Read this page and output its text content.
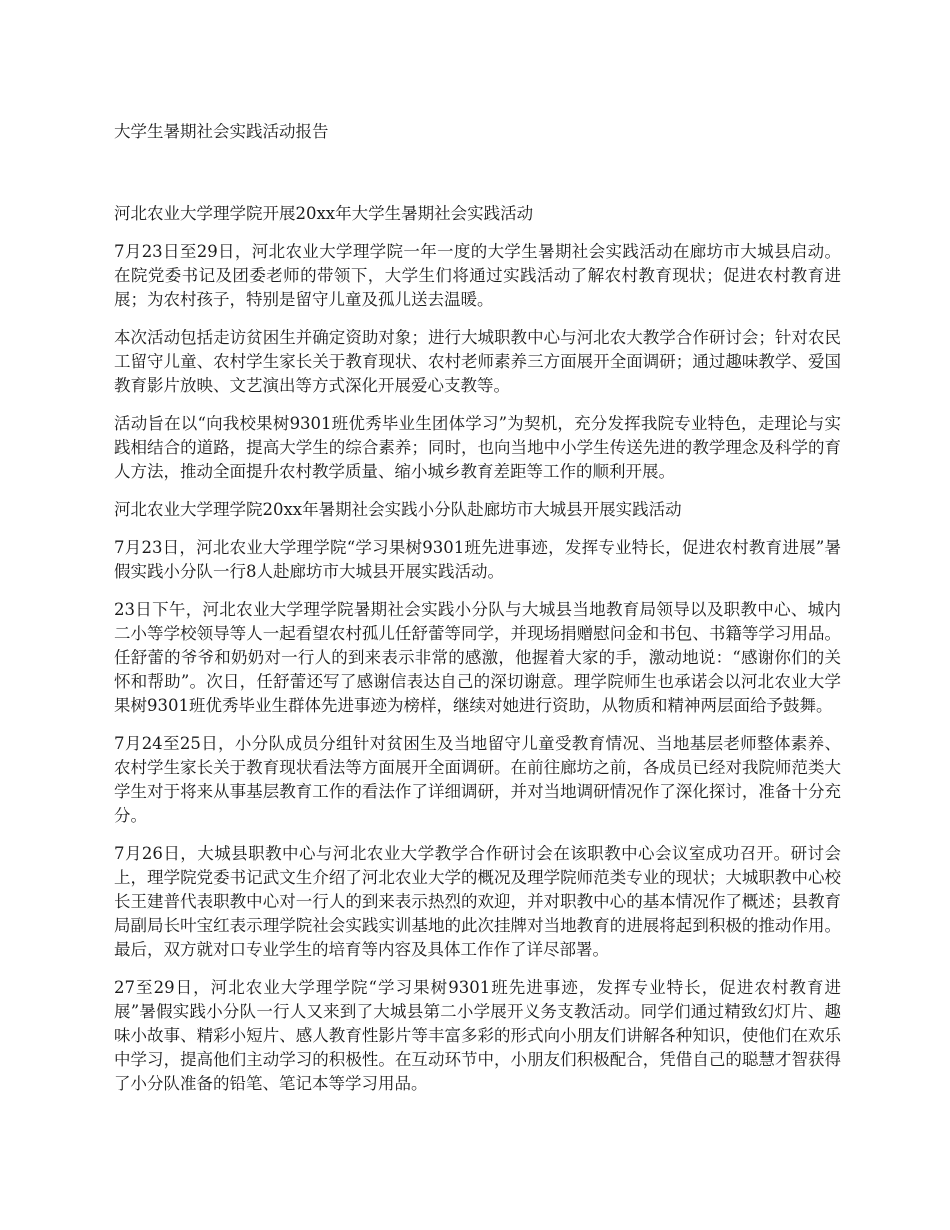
大学生暑期社会实践活动报告

河北农业大学理学院开展20xx年大学生暑期社会实践活动

7月23日至29日，河北农业大学理学院一年一度的大学生暑期社会实践活动在廊坊市大城县启动。在院党委书记及团委老师的带领下，大学生们将通过实践活动了解农村教育现状；促进农村教育进展；为农村孩子，特别是留守儿童及孤儿送去温暖。

本次活动包括走访贫困生并确定资助对象；进行大城职教中心与河北农大教学合作研讨会；针对农民工留守儿童、农村学生家长关于教育现状、农村老师素养三方面展开全面调研；通过趣味教学、爱国教育影片放映、文艺演出等方式深化开展爱心支教等。

活动旨在以“向我校果树9301班优秀毕业生团体学习”为契机，充分发挥我院专业特色，走理论与实践相结合的道路，提高大学生的综合素养；同时，也向当地中小学生传送先进的教学理念及科学的育人方法，推动全面提升农村教学质量、缩小城乡教育差距等工作的顺利开展。

河北农业大学理学院20xx年暑期社会实践小分队赴廊坊市大城县开展实践活动

7月23日，河北农业大学理学院“学习果树9301班先进事迹，发挥专业特长，促进农村教育进展”暑假实践小分队一行8人赴廊坊市大城县开展实践活动。

23日下午，河北农业大学理学院暑期社会实践小分队与大城县当地教育局领导以及职教中心、城内二小等学校领导等人一起看望农村孤儿任舒蕾等同学，并现场捐赠慰问金和书包、书籍等学习用品。任舒蕾的爷爷和奶奶对一行人的到来表示非常的感激，他握着大家的手，激动地说：“感谢你们的关怀和帮助”。次日，任舒蕾还写了感谢信表达自己的深切谢意。理学院师生也承诺会以河北农业大学果树9301班优秀毕业生群体先进事迹为榜样，继续对她进行资助，从物质和精神两层面给予鼓舞。

7月24至25日，小分队成员分组针对贫困生及当地留守儿童受教育情况、当地基层老师整体素养、农村学生家长关于教育现状看法等方面展开全面调研。在前往廊坊之前，各成员已经对我院师范类大学生对于将来从事基层教育工作的看法作了详细调研，并对当地调研情况作了深化探讨，准备十分充分。

7月26日，大城县职教中心与河北农业大学教学合作研讨会在该职教中心会议室成功召开。研讨会上，理学院党委书记武文生介绍了河北农业大学的概况及理学院师范类专业的现状；大城职教中心校长王建普代表职教中心对一行人的到来表示热烈的欢迎，并对职教中心的基本情况作了概述；县教育局副局长叶宝红表示理学院社会实践实训基地的此次挂牌对当地教育的进展将起到积极的推动作用。最后，双方就对口专业学生的培育等内容及具体工作作了详尽部署。

27至29日，河北农业大学理学院“学习果树9301班先进事迹，发挥专业特长，促进农村教育进展”暑假实践小分队一行人又来到了大城县第二小学展开义务支教活动。同学们通过精致幻灯片、趣味小故事、精彩小短片、感人教育性影片等丰富多彩的形式向小朋友们讲解各种知识，使他们在欢乐中学习，提高他们主动学习的积极性。在互动环节中，小朋友们积极配合，凭借自己的聪慧才智获得了小分队准备的铅笔、笔记本等学习用品。
